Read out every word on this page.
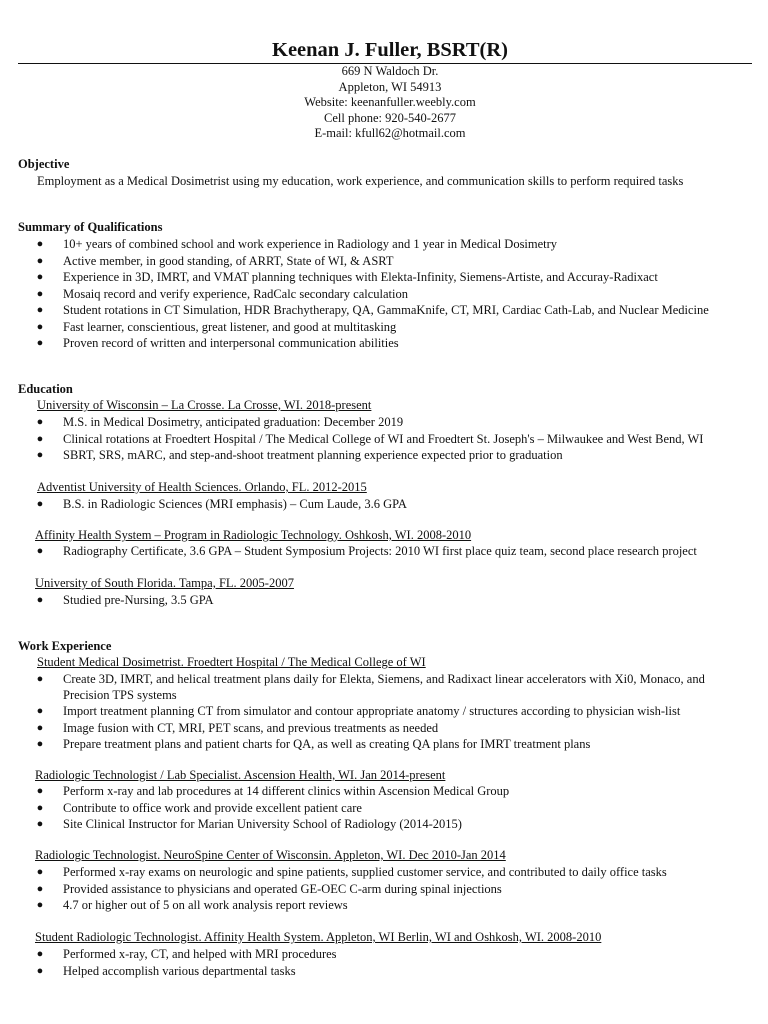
Keenan J. Fuller, BSRT(R)
669 N Waldoch Dr.
Appleton, WI 54913
Website: keenanfuller.weebly.com
Cell phone: 920-540-2677
E-mail: kfull62@hotmail.com
Objective
Employment as a Medical Dosimetrist using my education, work experience, and communication skills to perform required tasks
Summary of Qualifications
● 10+ years of combined school and work experience in Radiology and 1 year in Medical Dosimetry
● Active member, in good standing, of ARRT, State of WI, & ASRT
● Experience in 3D, IMRT, and VMAT planning techniques with Elekta-Infinity, Siemens-Artiste, and Accuray-Radixact
● Mosaiq record and verify experience, RadCalc secondary calculation
● Student rotations in CT Simulation, HDR Brachytherapy, QA, GammaKnife, CT, MRI, Cardiac Cath-Lab, and Nuclear Medicine
● Fast learner, conscientious, great listener, and good at multitasking
● Proven record of written and interpersonal communication abilities
Education
University of Wisconsin – La Crosse. La Crosse, WI. 2018-present
● M.S. in Medical Dosimetry, anticipated graduation: December 2019
● Clinical rotations at Froedtert Hospital / The Medical College of WI and Froedtert St. Joseph's – Milwaukee and West Bend, WI
● SBRT, SRS, mARC, and step-and-shoot treatment planning experience expected prior to graduation
Adventist University of Health Sciences. Orlando, FL. 2012-2015
● B.S. in Radiologic Sciences (MRI emphasis) – Cum Laude, 3.6 GPA
Affinity Health System – Program in Radiologic Technology. Oshkosh, WI. 2008-2010
● Radiography Certificate, 3.6 GPA – Student Symposium Projects: 2010 WI first place quiz team, second place research project
University of South Florida. Tampa, FL. 2005-2007
● Studied pre-Nursing, 3.5 GPA
Work Experience
Student Medical Dosimetrist. Froedtert Hospital / The Medical College of WI
● Create 3D, IMRT, and helical treatment plans daily for Elekta, Siemens, and Radixact linear accelerators with Xi0, Monaco, and Precision TPS systems
● Import treatment planning CT from simulator and contour appropriate anatomy / structures according to physician wish-list
● Image fusion with CT, MRI, PET scans, and previous treatments as needed
● Prepare treatment plans and patient charts for QA, as well as creating QA plans for IMRT treatment plans
Radiologic Technologist / Lab Specialist. Ascension Health, WI. Jan 2014-present
● Perform x-ray and lab procedures at 14 different clinics within Ascension Medical Group
● Contribute to office work and provide excellent patient care
● Site Clinical Instructor for Marian University School of Radiology (2014-2015)
Radiologic Technologist. NeuroSpine Center of Wisconsin. Appleton, WI. Dec 2010-Jan 2014
● Performed x-ray exams on neurologic and spine patients, supplied customer service, and contributed to daily office tasks
● Provided assistance to physicians and operated GE-OEC C-arm during spinal injections
● 4.7 or higher out of 5 on all work analysis report reviews
Student Radiologic Technologist. Affinity Health System. Appleton, WI Berlin, WI and Oshkosh, WI. 2008-2010
● Performed x-ray, CT, and helped with MRI procedures
● Helped accomplish various departmental tasks
